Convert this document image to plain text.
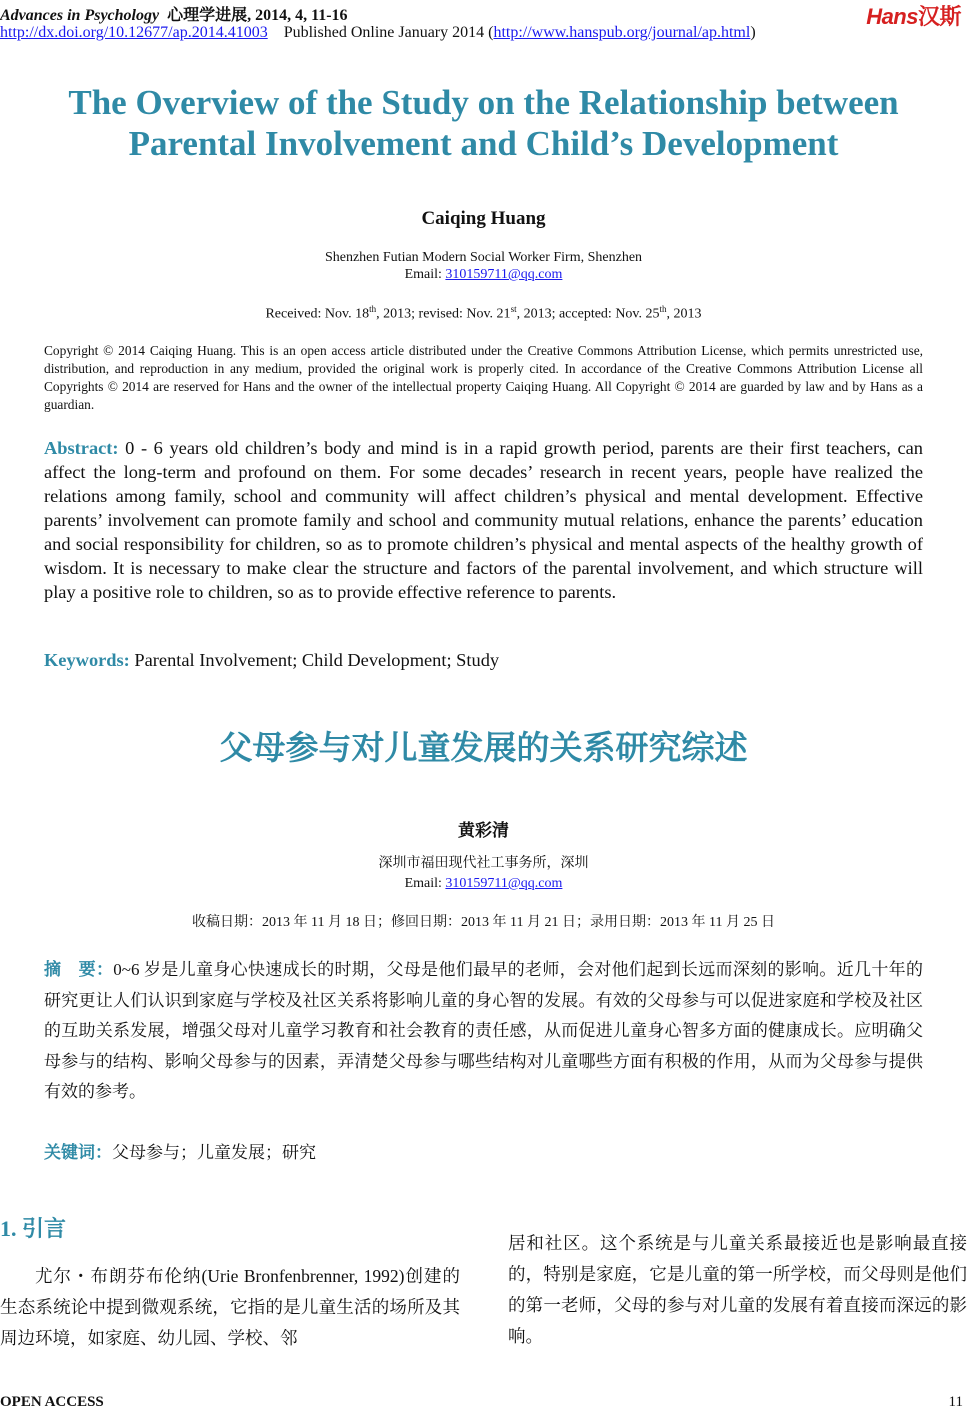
Advances in Psychology 心理学进展, 2014, 4, 11-16
http://dx.doi.org/10.12677/ap.2014.41003 Published Online January 2014 (http://www.hanspub.org/journal/ap.html)
Hans汉斯
The Overview of the Study on the Relationship between
Parental Involvement and Child’s Development
Caiqing Huang
Shenzhen Futian Modern Social Worker Firm, Shenzhen
Email: 310159711@qq.com
Received: Nov. 18th, 2013; revised: Nov. 21st, 2013; accepted: Nov. 25th, 2013
Copyright © 2014 Caiqing Huang. This is an open access article distributed under the Creative Commons Attribution License, which permits unrestricted use, distribution, and reproduction in any medium, provided the original work is properly cited. In accordance of the Creative Commons Attribution License all Copyrights © 2014 are reserved for Hans and the owner of the intellectual property Caiqing Huang. All Copyright © 2014 are guarded by law and by Hans as a guardian.
Abstract: 0 - 6 years old children’s body and mind is in a rapid growth period, parents are their first teachers, can affect the long-term and profound on them. For some decades’ research in recent years, people have realized the relations among family, school and community will affect children’s physical and mental development. Effective parents’ involvement can promote family and school and community mutual relations, enhance the parents’ education and social responsibility for children, so as to promote children’s physical and mental aspects of the healthy growth of wisdom. It is necessary to make clear the structure and factors of the parental involvement, and which structure will play a positive role to children, so as to provide effective reference to parents.
Keywords: Parental Involvement; Child Development; Study
父母参与对儿童发展的关系研究综述
黄彩清
深圳市福田现代社工事务所，深圳
Email: 310159711@qq.com
收稿日期：2013 年 11 月 18 日；修回日期：2013 年 11 月 21 日；录用日期：2013 年 11 月 25 日
摘　要：0~6 岁是儿童身心快速成长的时期，父母是他们最早的老师，会对他们起到长远而深刻的影响。近几十年的研究更让人们认识到家庭与学校及社区关系将影响儿童的身心智的发展。有效的父母参与可以促进家庭和学校及社区的互助关系发展，增强父母对儿童学习教育和社会教育的责任感，从而促进儿童身心智多方面的健康成长。应明确父母参与的结构、影响父母参与的因素，弄清楚父母参与哪些结构对儿童哪些方面有积极的作用，从而为父母参与提供有效的参考。
关键词：父母参与；儿童发展；研究
1. 引言
尤尔・布朗芬布伦纳(Urie Bronfenbrenner, 1992)创建的生态系统论中提到微观系统，它指的是儿童生活的场所及其周边环境，如家庭、幼儿园、学校、邻
居和社区。这个系统是与儿童关系最接近也是影响最直接的，特别是家庭，它是儿童的第一所学校，而父母则是他们的第一老师，父母的参与对儿童的发展有着直接而深远的影响。
OPEN ACCESS	11
